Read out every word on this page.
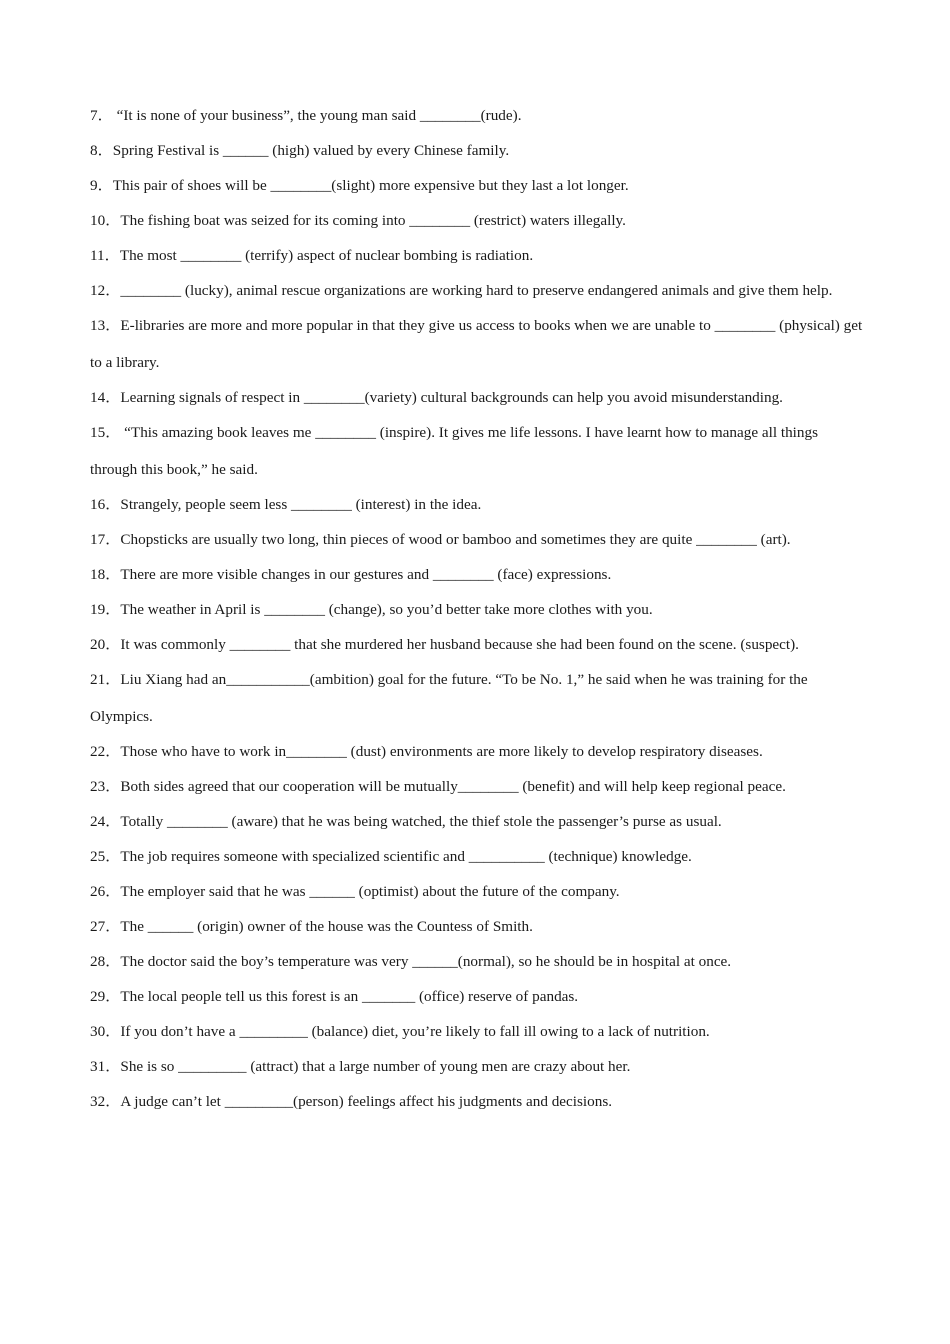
7． “It is none of your business”, the young man said ________(rude).
8．Spring Festival is ______ (high) valued by every Chinese family.
9．This pair of shoes will be ________(slight) more expensive but they last a lot longer.
10．The fishing boat was seized for its coming into ________ (restrict) waters illegally.
11．The most ________ (terrify) aspect of nuclear bombing is radiation.
12．________ (lucky), animal rescue organizations are working hard to preserve endangered animals and give them help.
13．E-libraries are more and more popular in that they give us access to books when we are unable to ________ (physical) get to a library.
14．Learning signals of respect in ________(variety) cultural backgrounds can help you avoid misunderstanding.
15． “This amazing book leaves me ________ (inspire). It gives me life lessons. I have learnt how to manage all things through this book,” he said.
16．Strangely, people seem less ________ (interest) in the idea.
17．Chopsticks are usually two long, thin pieces of wood or bamboo and sometimes they are quite ________ (art).
18．There are more visible changes in our gestures and ________ (face) expressions.
19．The weather in April is ________ (change), so you’d better take more clothes with you.
20．It was commonly ________ that she murdered her husband because she had been found on the scene. (suspect).
21．Liu Xiang had an___________(ambition) goal for the future. “To be No. 1,” he said when he was training for the Olympics.
22．Those who have to work in________ (dust) environments are more likely to develop respiratory diseases.
23．Both sides agreed that our cooperation will be mutually________ (benefit) and will help keep regional peace.
24．Totally ________ (aware) that he was being watched, the thief stole the passenger’s purse as usual.
25．The job requires someone with specialized scientific and __________ (technique) knowledge.
26．The employer said that he was ______ (optimist) about the future of the company.
27．The ______ (origin) owner of the house was the Countess of Smith.
28．The doctor said the boy’s temperature was very ______(normal), so he should be in hospital at once.
29．The local people tell us this forest is an _______ (office) reserve of pandas.
30．If you don’t have a _________ (balance) diet, you’re likely to fall ill owing to a lack of nutrition.
31．She is so _________ (attract) that a large number of young men are crazy about her.
32．A judge can’t let _________(person) feelings affect his judgments and decisions.
